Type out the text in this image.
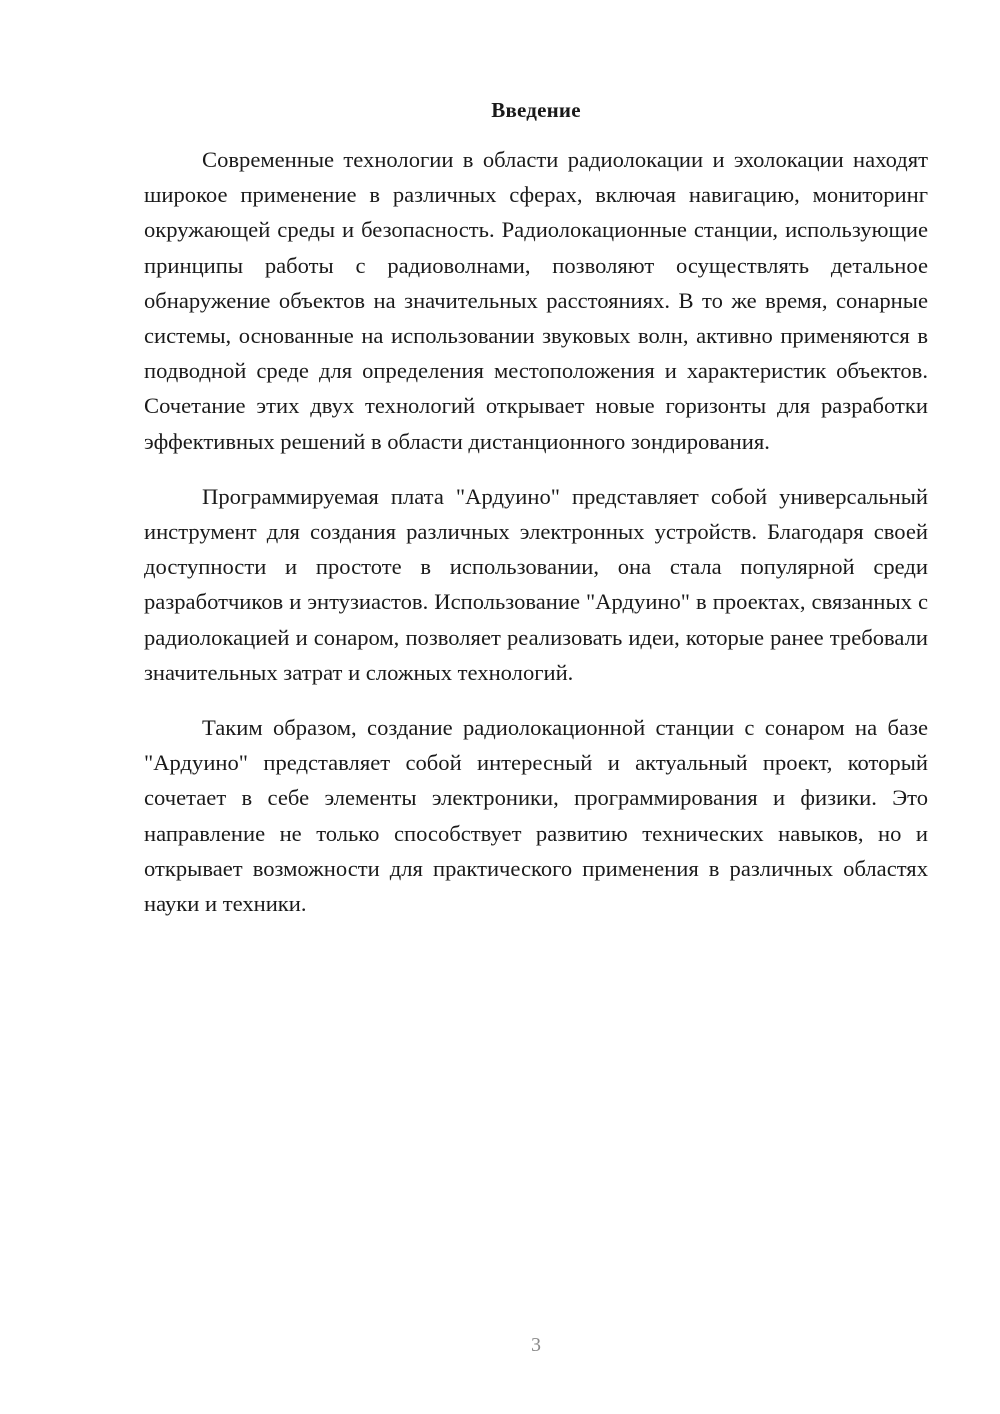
Введение

Современные технологии в области радиолокации и эхолокации находят широкое применение в различных сферах, включая навигацию, мониторинг окружающей среды и безопасность. Радиолокационные станции, использующие принципы работы с радиоволнами, позволяют осуществлять детальное обнаружение объектов на значительных расстояниях. В то же время, сонарные системы, основанные на использовании звуковых волн, активно применяются в подводной среде для определения местоположения и характеристик объектов. Сочетание этих двух технологий открывает новые горизонты для разработки эффективных решений в области дистанционного зондирования.

Программируемая плата "Ардуино" представляет собой универсальный инструмент для создания различных электронных устройств. Благодаря своей доступности и простоте в использовании, она стала популярной среди разработчиков и энтузиастов. Использование "Ардуино" в проектах, связанных с радиолокацией и сонаром, позволяет реализовать идеи, которые ранее требовали значительных затрат и сложных технологий.

Таким образом, создание радиолокационной станции с сонаром на базе "Ардуино" представляет собой интересный и актуальный проект, который сочетает в себе элементы электроники, программирования и физики. Это направление не только способствует развитию технических навыков, но и открывает возможности для практического применения в различных областях науки и техники.

3
